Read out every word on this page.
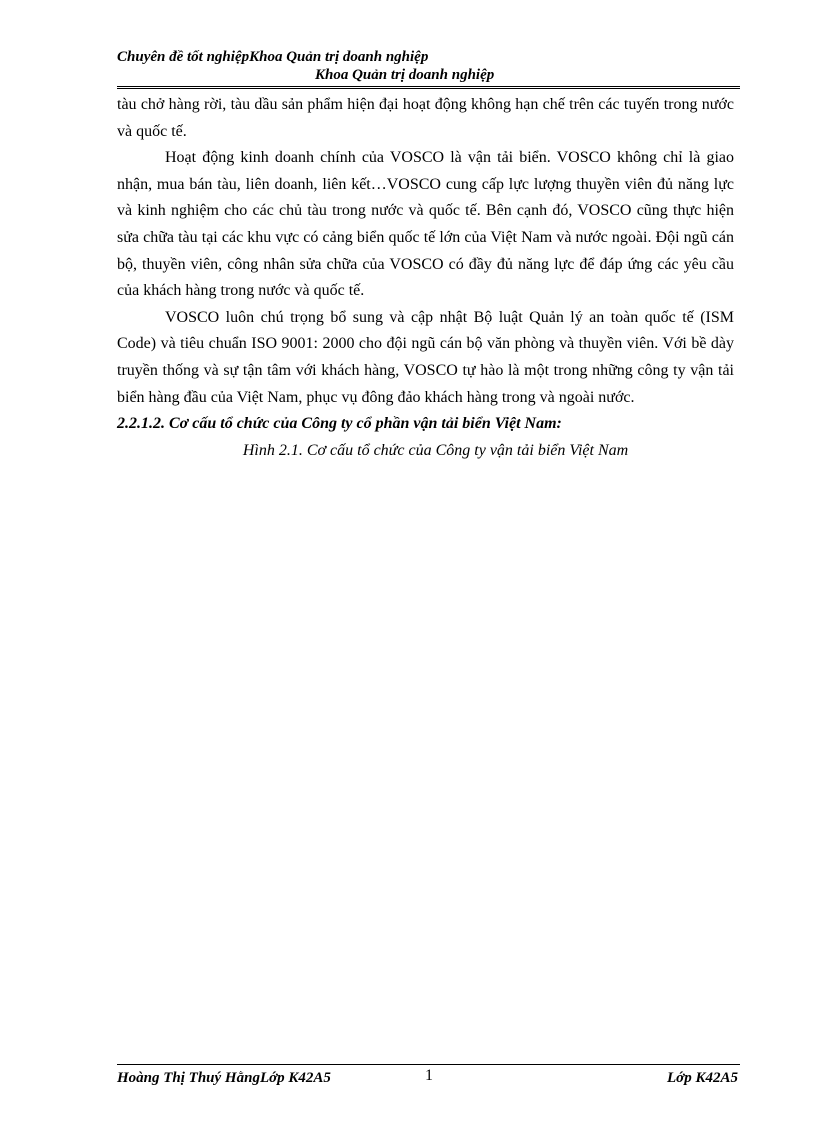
Chuyên đề tốt nghiệpKhoa Quản trị doanh nghiệp
Khoa Quản trị doanh nghiệp

tàu chở hàng rời, tàu dầu sản phẩm hiện đại hoạt động không hạn chế trên các tuyến trong nước và quốc tế.

Hoạt động kinh doanh chính của VOSCO là vận tải biển. VOSCO không chỉ là giao nhận, mua bán tàu, liên doanh, liên kết…VOSCO cung cấp lực lượng thuyền viên đủ năng lực và kinh nghiệm cho các chủ tàu trong nước và quốc tế. Bên cạnh đó, VOSCO cũng thực hiện sửa chữa tàu tại các khu vực có cảng biển quốc tế lớn của Việt Nam và nước ngoài. Đội ngũ cán bộ, thuyền viên, công nhân sửa chữa của VOSCO có đầy đủ năng lực để đáp ứng các yêu cầu của khách hàng trong nước và quốc tế.

VOSCO luôn chú trọng bổ sung và cập nhật Bộ luật Quản lý an toàn quốc tế (ISM Code) và tiêu chuẩn ISO 9001: 2000 cho đội ngũ cán bộ văn phòng và thuyền viên. Với bề dày truyền thống và sự tận tâm với khách hàng, VOSCO tự hào là một trong những công ty vận tải biển hàng đầu của Việt Nam, phục vụ đông đảo khách hàng trong và ngoài nước.

2.2.1.2. Cơ cấu tổ chức của Công ty cổ phần vận tải biển Việt Nam:

Hình 2.1. Cơ cấu tổ chức của Công ty vận tải biển Việt Nam

Hoàng Thị Thuý HằngLớp K42A5	1	Lớp K42A5
